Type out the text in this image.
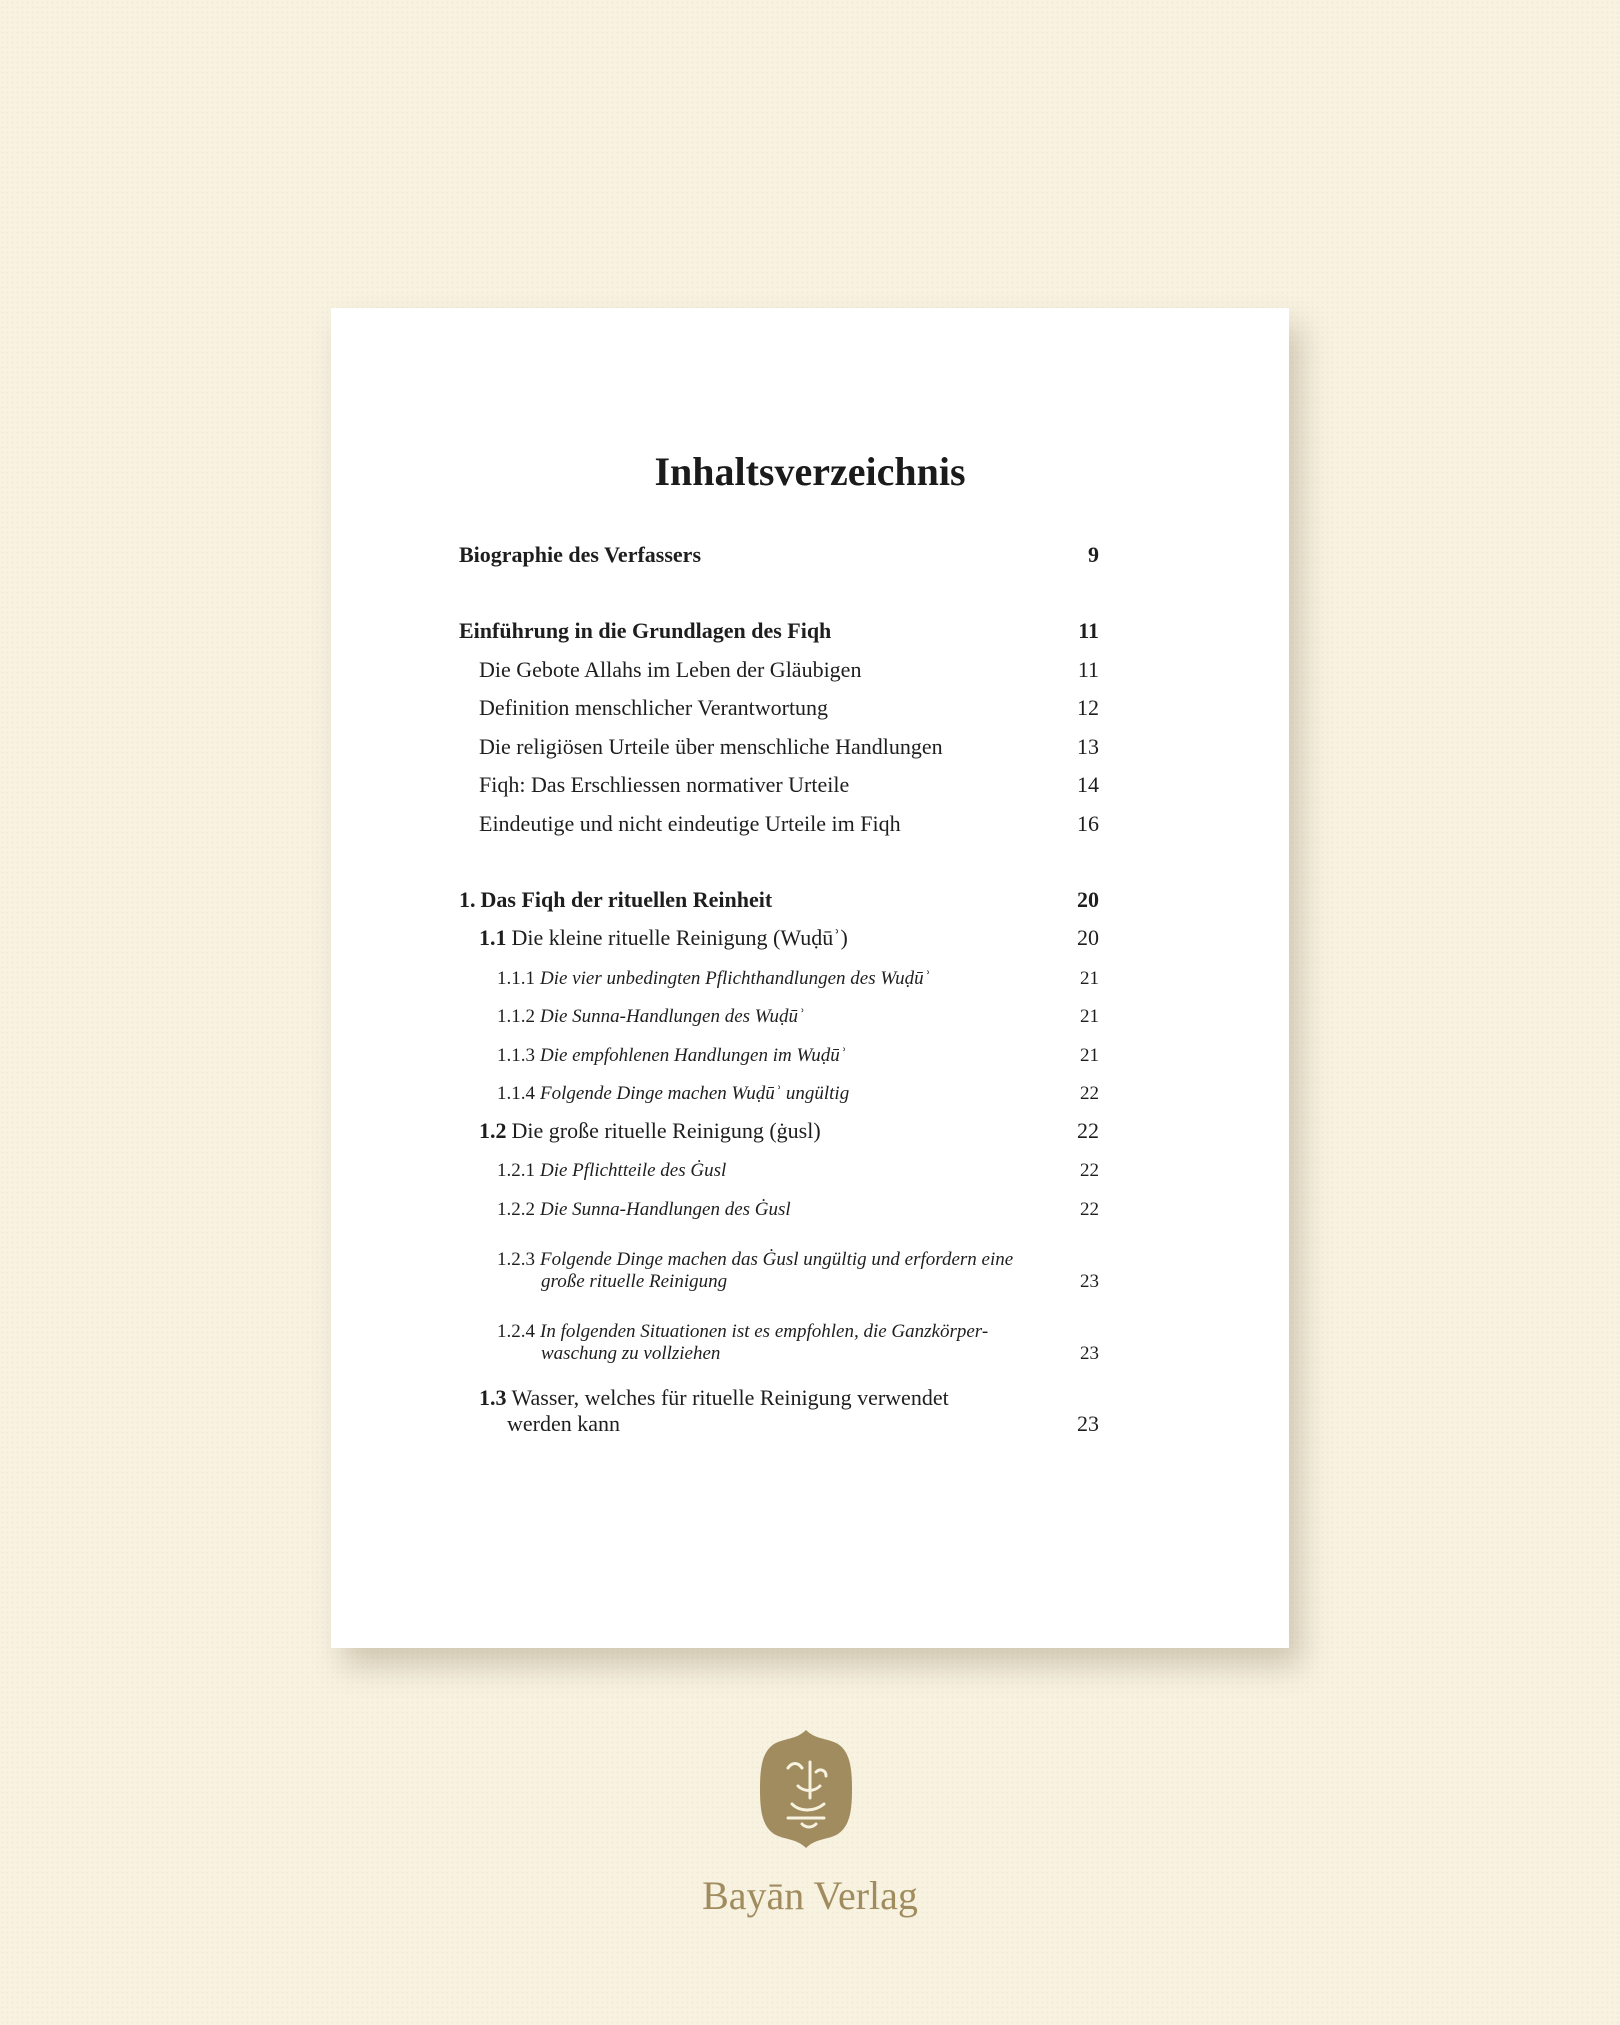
Inhaltsverzeichnis
Biographie des Verfassers	9
Einführung in die Grundlagen des Fiqh	11
Die Gebote Allahs im Leben der Gläubigen	11
Definition menschlicher Verantwortung	12
Die religiösen Urteile über menschliche Handlungen	13
Fiqh: Das Erschliessen normativer Urteile	14
Eindeutige und nicht eindeutige Urteile im Fiqh	16
1. Das Fiqh der rituellen Reinheit	20
1.1 Die kleine rituelle Reinigung (Wuḍūʾ)	20
1.1.1 Die vier unbedingten Pflichthandlungen des Wuḍūʾ	21
1.1.2 Die Sunna-Handlungen des Wuḍūʾ	21
1.1.3 Die empfohlenen Handlungen im Wuḍūʾ	21
1.1.4 Folgende Dinge machen Wuḍūʾ ungültig	22
1.2 Die große rituelle Reinigung (ġusl)	22
1.2.1 Die Pflichtteile des Ġusl	22
1.2.2 Die Sunna-Handlungen des Ġusl	22
1.2.3 Folgende Dinge machen das Ġusl ungültig und erfordern eine
große rituelle Reinigung	23
1.2.4 In folgenden Situationen ist es empfohlen, die Ganzkörper-
waschung zu vollziehen	23
1.3 Wasser, welches für rituelle Reinigung verwendet
werden kann	23
Bayān Verlag
